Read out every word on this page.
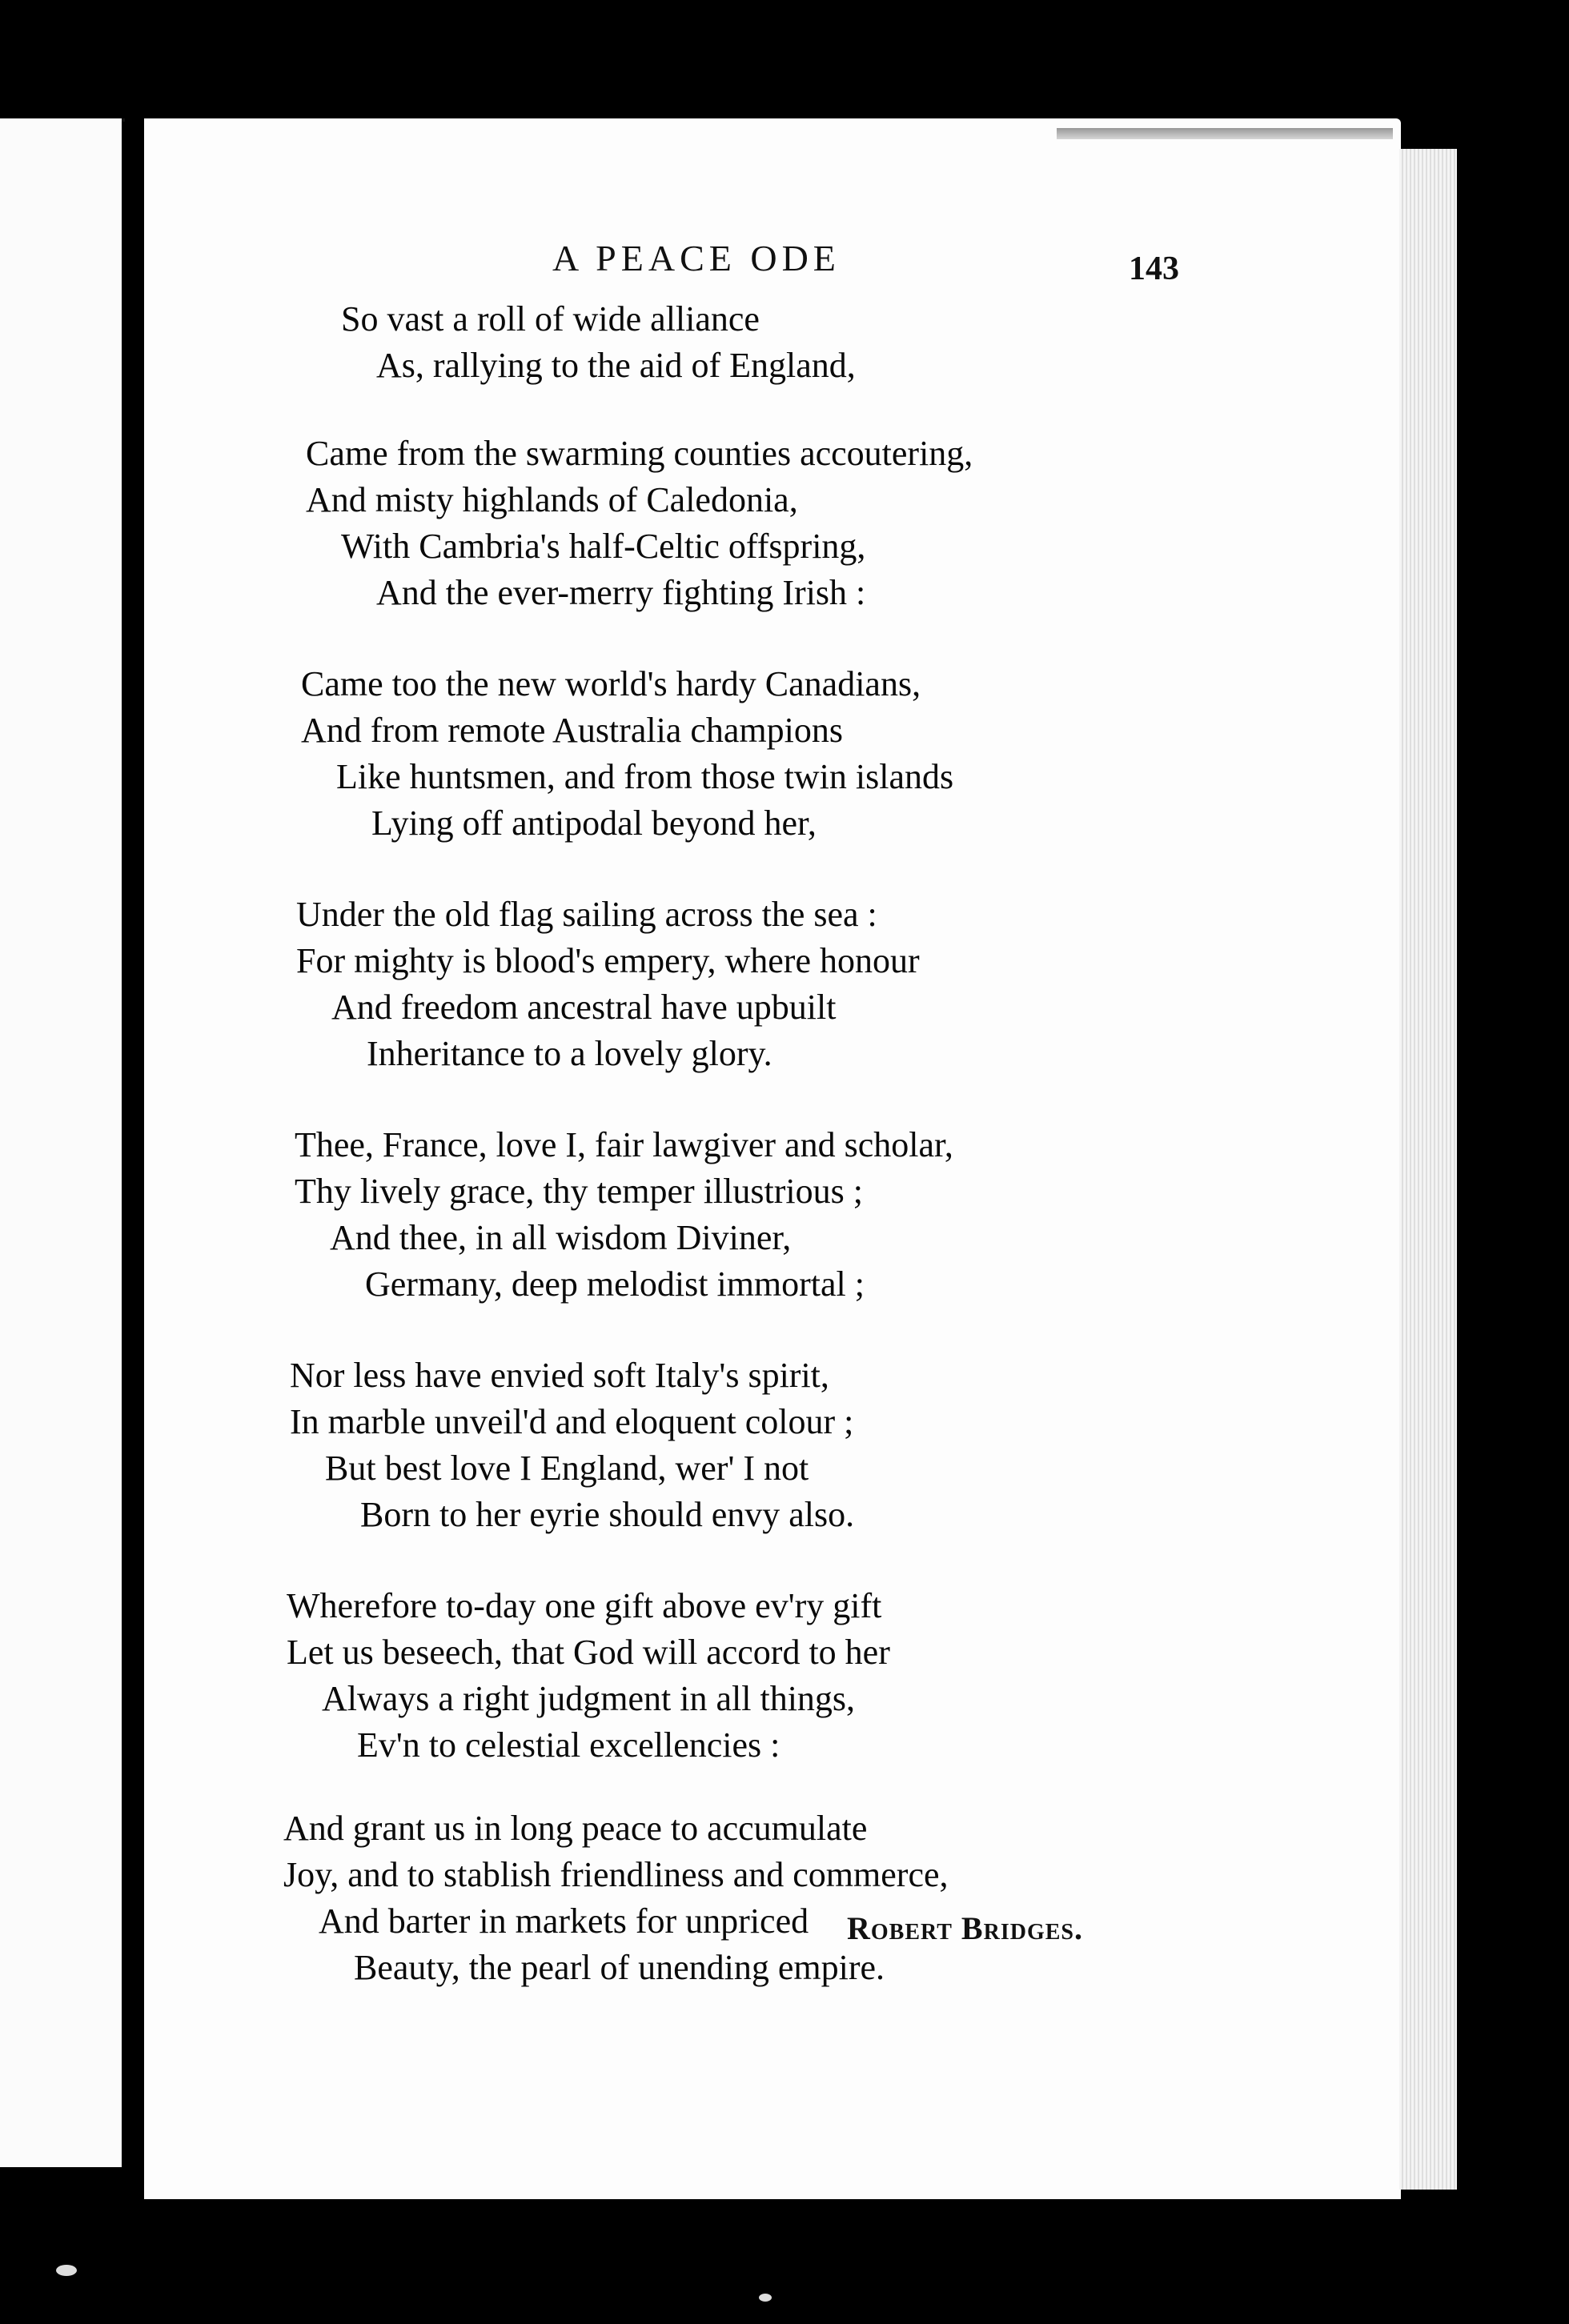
A PEACE ODE	143
So vast a roll of wide alliance
As, rallying to the aid of England,
Came from the swarming counties accoutering,
And misty highlands of Caledonia,
With Cambria's half-Celtic offspring,
And the ever-merry fighting Irish :
Came too the new world's hardy Canadians,
And from remote Australia champions
Like huntsmen, and from those twin islands
Lying off antipodal beyond her,
Under the old flag sailing across the sea :
For mighty is blood's empery, where honour
And freedom ancestral have upbuilt
Inheritance to a lovely glory.
Thee, France, love I, fair lawgiver and scholar,
Thy lively grace, thy temper illustrious ;
And thee, in all wisdom Diviner,
Germany, deep melodist immortal ;
Nor less have envied soft Italy's spirit,
In marble unveil'd and eloquent colour ;
But best love I England, wer' I not
Born to her eyrie should envy also.
Wherefore to-day one gift above ev'ry gift
Let us beseech, that God will accord to her
Always a right judgment in all things,
Ev'n to celestial excellencies :
And grant us in long peace to accumulate
Joy, and to stablish friendliness and commerce,
And barter in markets for unpriced
Beauty, the pearl of unending empire.
Robert Bridges.
